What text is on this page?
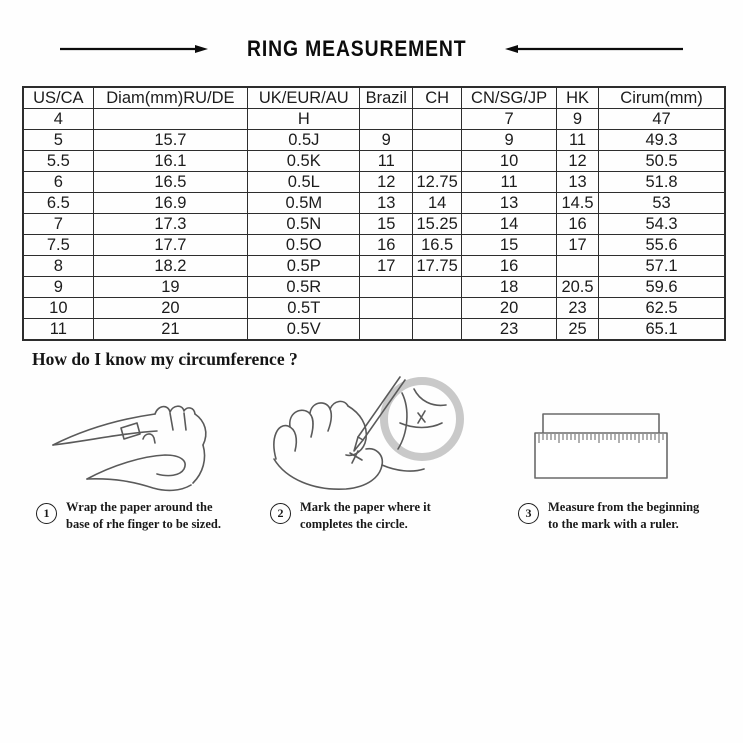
RING MEASUREMENT
US/CA	Diam(mm)RU/DE	UK/EUR/AU	Brazil	CH	CN/SG/JP	HK	Cirum(mm)
4		H			7	9	47
5	15.7	0.5J	9		9	11	49.3
5.5	16.1	0.5K	11		10	12	50.5
6	16.5	0.5L	12	12.75	11	13	51.8
6.5	16.9	0.5M	13	14	13	14.5	53
7	17.3	0.5N	15	15.25	14	16	54.3
7.5	17.7	0.5O	16	16.5	15	17	55.6
8	18.2	0.5P	17	17.75	16		57.1
9	19	0.5R			18	20.5	59.6
10	20	0.5T			20	23	62.5
11	21	0.5V			23	25	65.1
How do I know my circumference ?
1	Wrap the paper around the
base of rhe finger to be sized.
2	Mark the paper where it
completes the circle.
3	Measure from the beginning
to the mark with a ruler.
